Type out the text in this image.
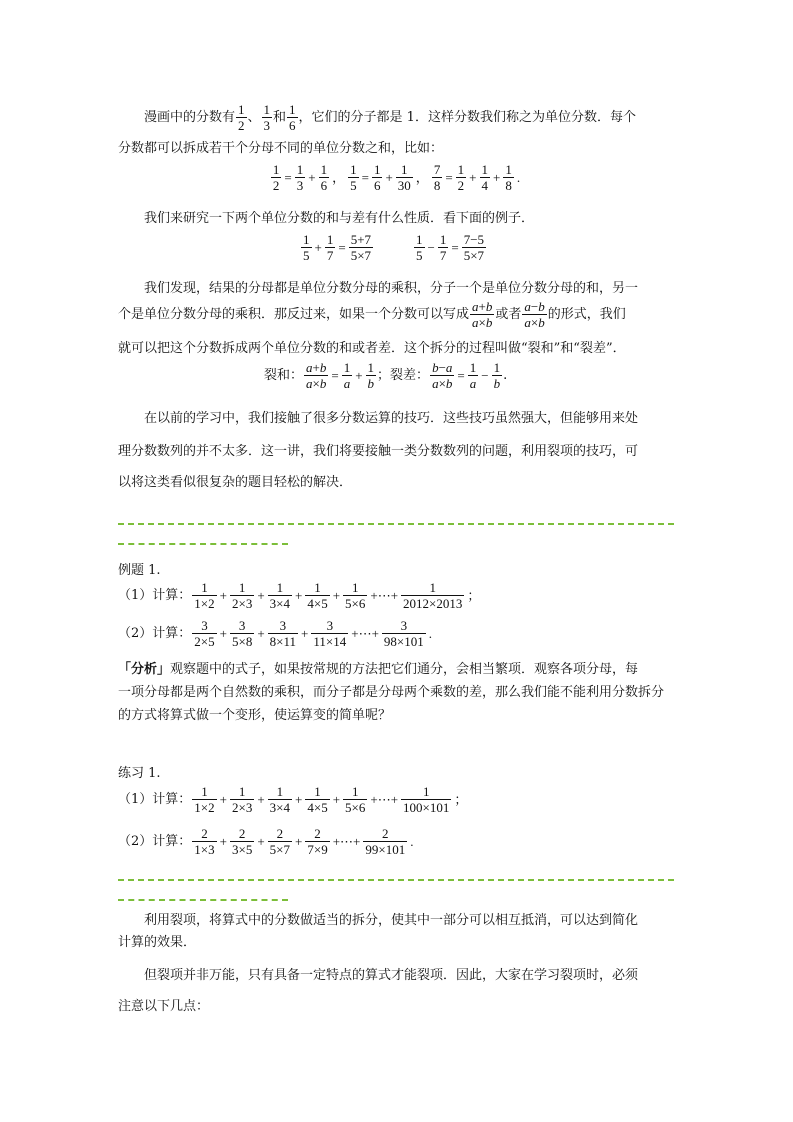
漫画中的分数有 $\frac{1}{2}$ 、 $\frac{1}{3}$ 和 $\frac{1}{6}$ ，它们的分子都是 1．这样分数我们称之为单位分数．每个
分数都可以拆成若干个分母不同的单位分数之和，比如：
$\frac{1}{2} = \frac{1}{3} + \frac{1}{6}$ ， $\frac{1}{5} = \frac{1}{6} + \frac{1}{30}$ ， $\frac{7}{8} = \frac{1}{2} + \frac{1}{4} + \frac{1}{8}$ .
我们来研究一下两个单位分数的和与差有什么性质．看下面的例子．
$\frac{1}{5} + \frac{1}{7} = \frac{5+7}{5\times 7}$	$\frac{1}{5} - \frac{1}{7} = \frac{7-5}{5\times 7}$
我们发现，结果的分母都是单位分数分母的乘积，分子一个是单位分数分母的和，另一
个是单位分数分母的乘积．那反过来，如果一个分数可以写成 $\frac{a+b}{a\times b}$ 或者 $\frac{a-b}{a\times b}$ 的形式，我们
就可以把这个分数拆成两个单位分数的和或者差．这个拆分的过程叫做“裂和”和“裂差”．
裂和： $\frac{a+b}{a\times b} = \frac{1}{a} + \frac{1}{b}$ ；裂差： $\frac{b-a}{a\times b} = \frac{1}{a} - \frac{1}{b}$ .
在以前的学习中，我们接触了很多分数运算的技巧．这些技巧虽然强大，但能够用来处
理分数数列的并不太多．这一讲，我们将要接触一类分数数列的问题，利用裂项的技巧，可
以将这类看似很复杂的题目轻松的解决．
例题 1.
（1）计算： $\frac{1}{1\times 2} + \frac{1}{2\times 3} + \frac{1}{3\times 4} + \frac{1}{4\times 5} + \frac{1}{5\times 6}$ +⋯+ $\frac{1}{2012\times 2013}$ ；
（2）计算： $\frac{3}{2\times 5} + \frac{3}{5\times 8} + \frac{3}{8\times 11} + \frac{3}{11\times 14}$ +⋯+ $\frac{3}{98\times 101}$ .
「分析」 观察题中的式子，如果按常规的方法把它们通分，会相当繁项．观察各项分母，每
一项分母都是两个自然数的乘积，而分子都是分母两个乘数的差，那么我们能不能利用分数拆分
的方式将算式做一个变形，使运算变的简单呢？
练习 1.
（1）计算： $\frac{1}{1\times 2} + \frac{1}{2\times 3} + \frac{1}{3\times 4} + \frac{1}{4\times 5} + \frac{1}{5\times 6}$ +⋯+ $\frac{1}{100\times 101}$ ；
（2）计算： $\frac{2}{1\times 3} + \frac{2}{3\times 5} + \frac{2}{5\times 7} + \frac{2}{7\times 9}$ +⋯+ $\frac{2}{99\times 101}$ .
利用裂项，将算式中的分数做适当的拆分，使其中一部分可以相互抵消，可以达到简化
计算的效果．
但裂项并非万能，只有具备一定特点的算式才能裂项．因此，大家在学习裂项时，必须
注意以下几点：
